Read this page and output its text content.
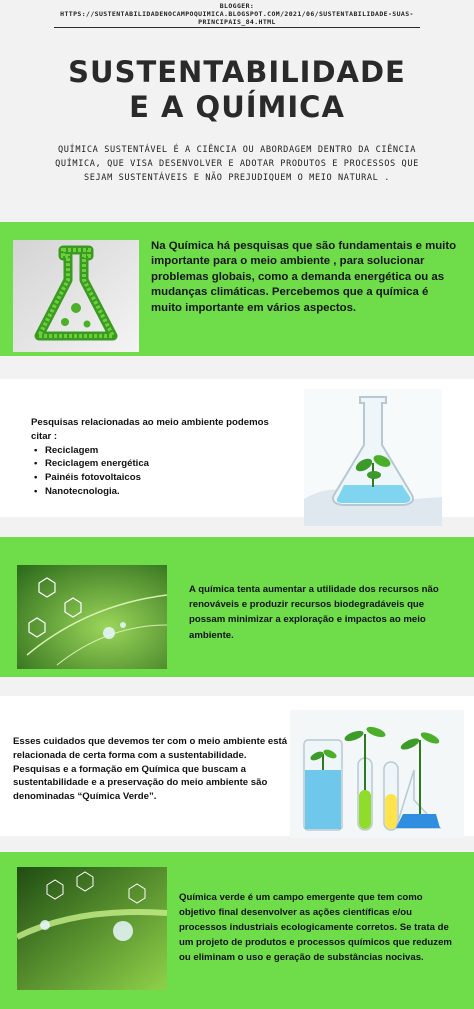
BLOGGER:
HTTPS://SUSTENTABILIDADENOCAMPOQUIMICA.BLOGSPOT.COM/2021/06/SUSTENTABILIDADE-SUAS-
PRINCIPAIS_84.HTML
SUSTENTABILIDADE
E A QUÍMICA
QUÍMICA SUSTENTÁVEL É A CIÊNCIA OU ABORDAGEM DENTRO DA CIÊNCIA QUÍMICA, QUE VISA DESENVOLVER E ADOTAR PRODUTOS E PROCESSOS QUE SEJAM SUSTENTÁVEIS E NÃO PREJUDIQUEM O MEIO NATURAL .
Na Química há pesquisas que são fundamentais e muito importante para o meio ambiente , para solucionar problemas globais, como a demanda energética ou as mudanças climáticas. Percebemos que a química é muito importante em vários aspectos.
Pesquisas relacionadas ao meio ambiente podemos citar :
• Reciclagem
• Reciclagem energética
• Painéis fotovoltaicos
• Nanotecnologia.
A química tenta aumentar a utilidade dos recursos não renováveis e produzir recursos biodegradáveis que possam minimizar a exploração e impactos ao meio ambiente.
Esses cuidados que devemos ter com o meio ambiente está relacionada de certa forma com a sustentabilidade. Pesquisas e a formação em Química que buscam a sustentabilidade e a preservação do meio ambiente são denominadas “Química Verde”.
Química verde é um campo emergente que tem como objetivo final desenvolver as ações científicas e/ou processos industriais ecologicamente corretos. Se trata de um projeto de produtos e processos químicos que reduzem ou eliminam o uso e geração de substâncias nocivas.
